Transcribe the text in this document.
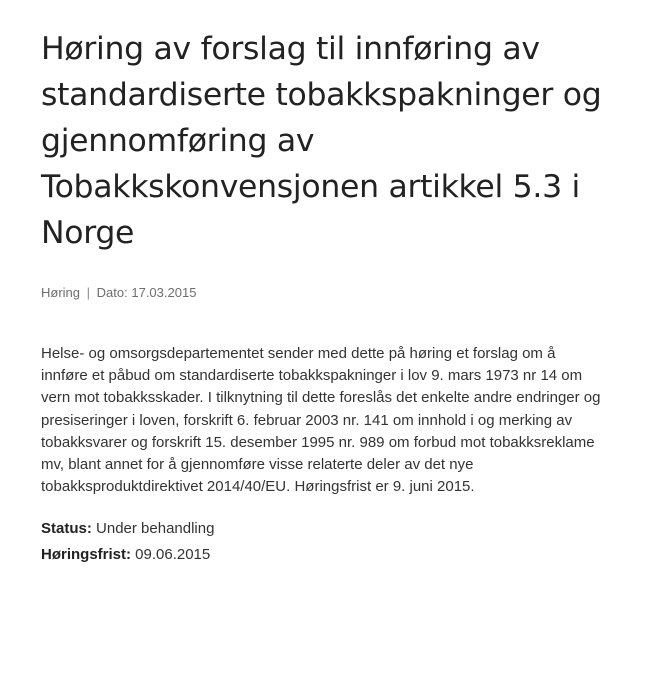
Høring av forslag til innføring av standardiserte tobakkspakninger og gjennomføring av Tobakkskonvensjonen artikkel 5.3 i Norge
Høring | Dato: 17.03.2015

Helse- og omsorgsdepartementet sender med dette på høring et forslag om å innføre et påbud om standardiserte tobakkspakninger i lov 9. mars 1973 nr 14 om vern mot tobakksskader. I tilknytning til dette foreslås det enkelte andre endringer og presiseringer i loven, forskrift 6. februar 2003 nr. 141 om innhold i og merking av tobakksvarer og forskrift 15. desember 1995 nr. 989 om forbud mot tobakksreklame mv, blant annet for å gjennomføre visse relaterte deler av det nye tobakksproduktdirektivet 2014/40/EU. Høringsfrist er 9. juni 2015.

Status: Under behandling
Høringsfrist: 09.06.2015
